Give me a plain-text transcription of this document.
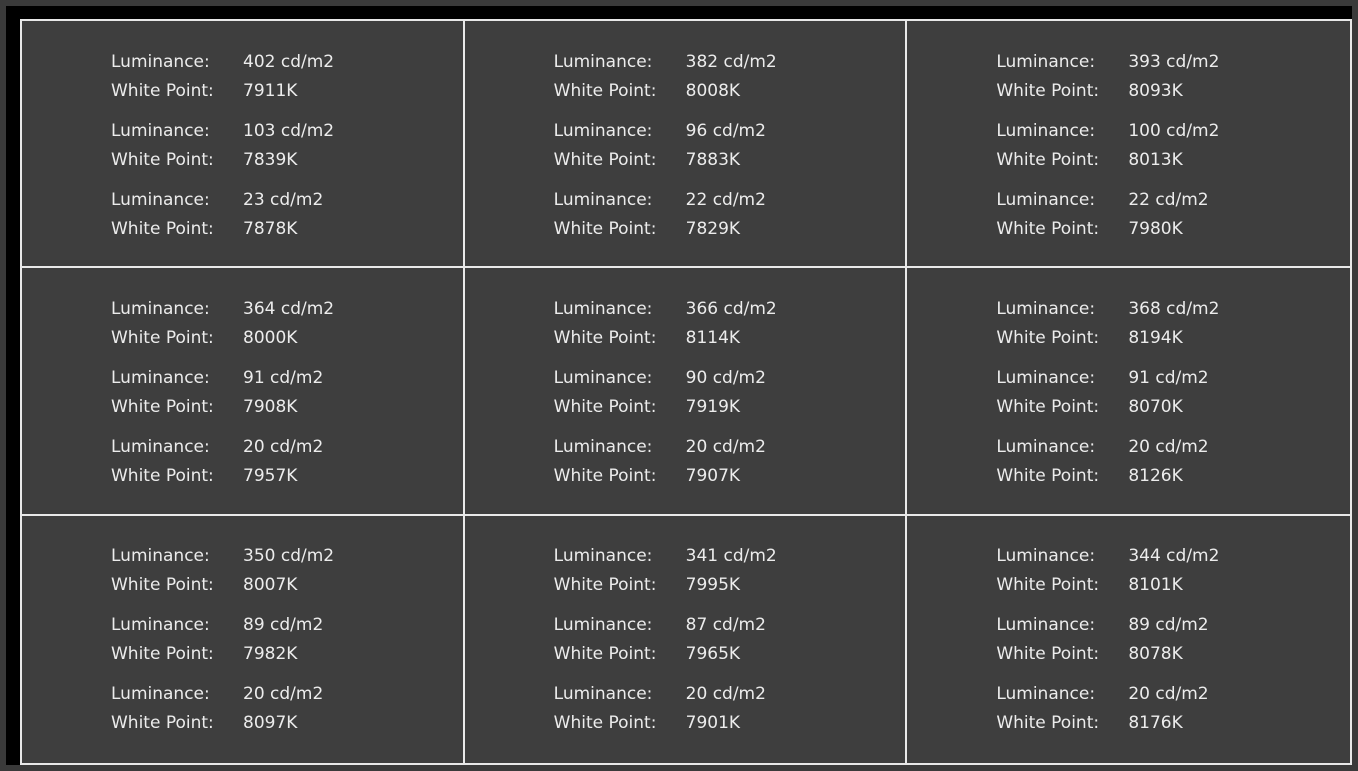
Luminance:	402 cd/m2
White Point:	7911K
Luminance:	103 cd/m2
White Point:	7839K
Luminance:	23 cd/m2
White Point:	7878K
Luminance:	382 cd/m2
White Point:	8008K
Luminance:	96 cd/m2
White Point:	7883K
Luminance:	22 cd/m2
White Point:	7829K
Luminance:	393 cd/m2
White Point:	8093K
Luminance:	100 cd/m2
White Point:	8013K
Luminance:	22 cd/m2
White Point:	7980K
Luminance:	364 cd/m2
White Point:	8000K
Luminance:	91 cd/m2
White Point:	7908K
Luminance:	20 cd/m2
White Point:	7957K
Luminance:	366 cd/m2
White Point:	8114K
Luminance:	90 cd/m2
White Point:	7919K
Luminance:	20 cd/m2
White Point:	7907K
Luminance:	368 cd/m2
White Point:	8194K
Luminance:	91 cd/m2
White Point:	8070K
Luminance:	20 cd/m2
White Point:	8126K
Luminance:	350 cd/m2
White Point:	8007K
Luminance:	89 cd/m2
White Point:	7982K
Luminance:	20 cd/m2
White Point:	8097K
Luminance:	341 cd/m2
White Point:	7995K
Luminance:	87 cd/m2
White Point:	7965K
Luminance:	20 cd/m2
White Point:	7901K
Luminance:	344 cd/m2
White Point:	8101K
Luminance:	89 cd/m2
White Point:	8078K
Luminance:	20 cd/m2
White Point:	8176K
